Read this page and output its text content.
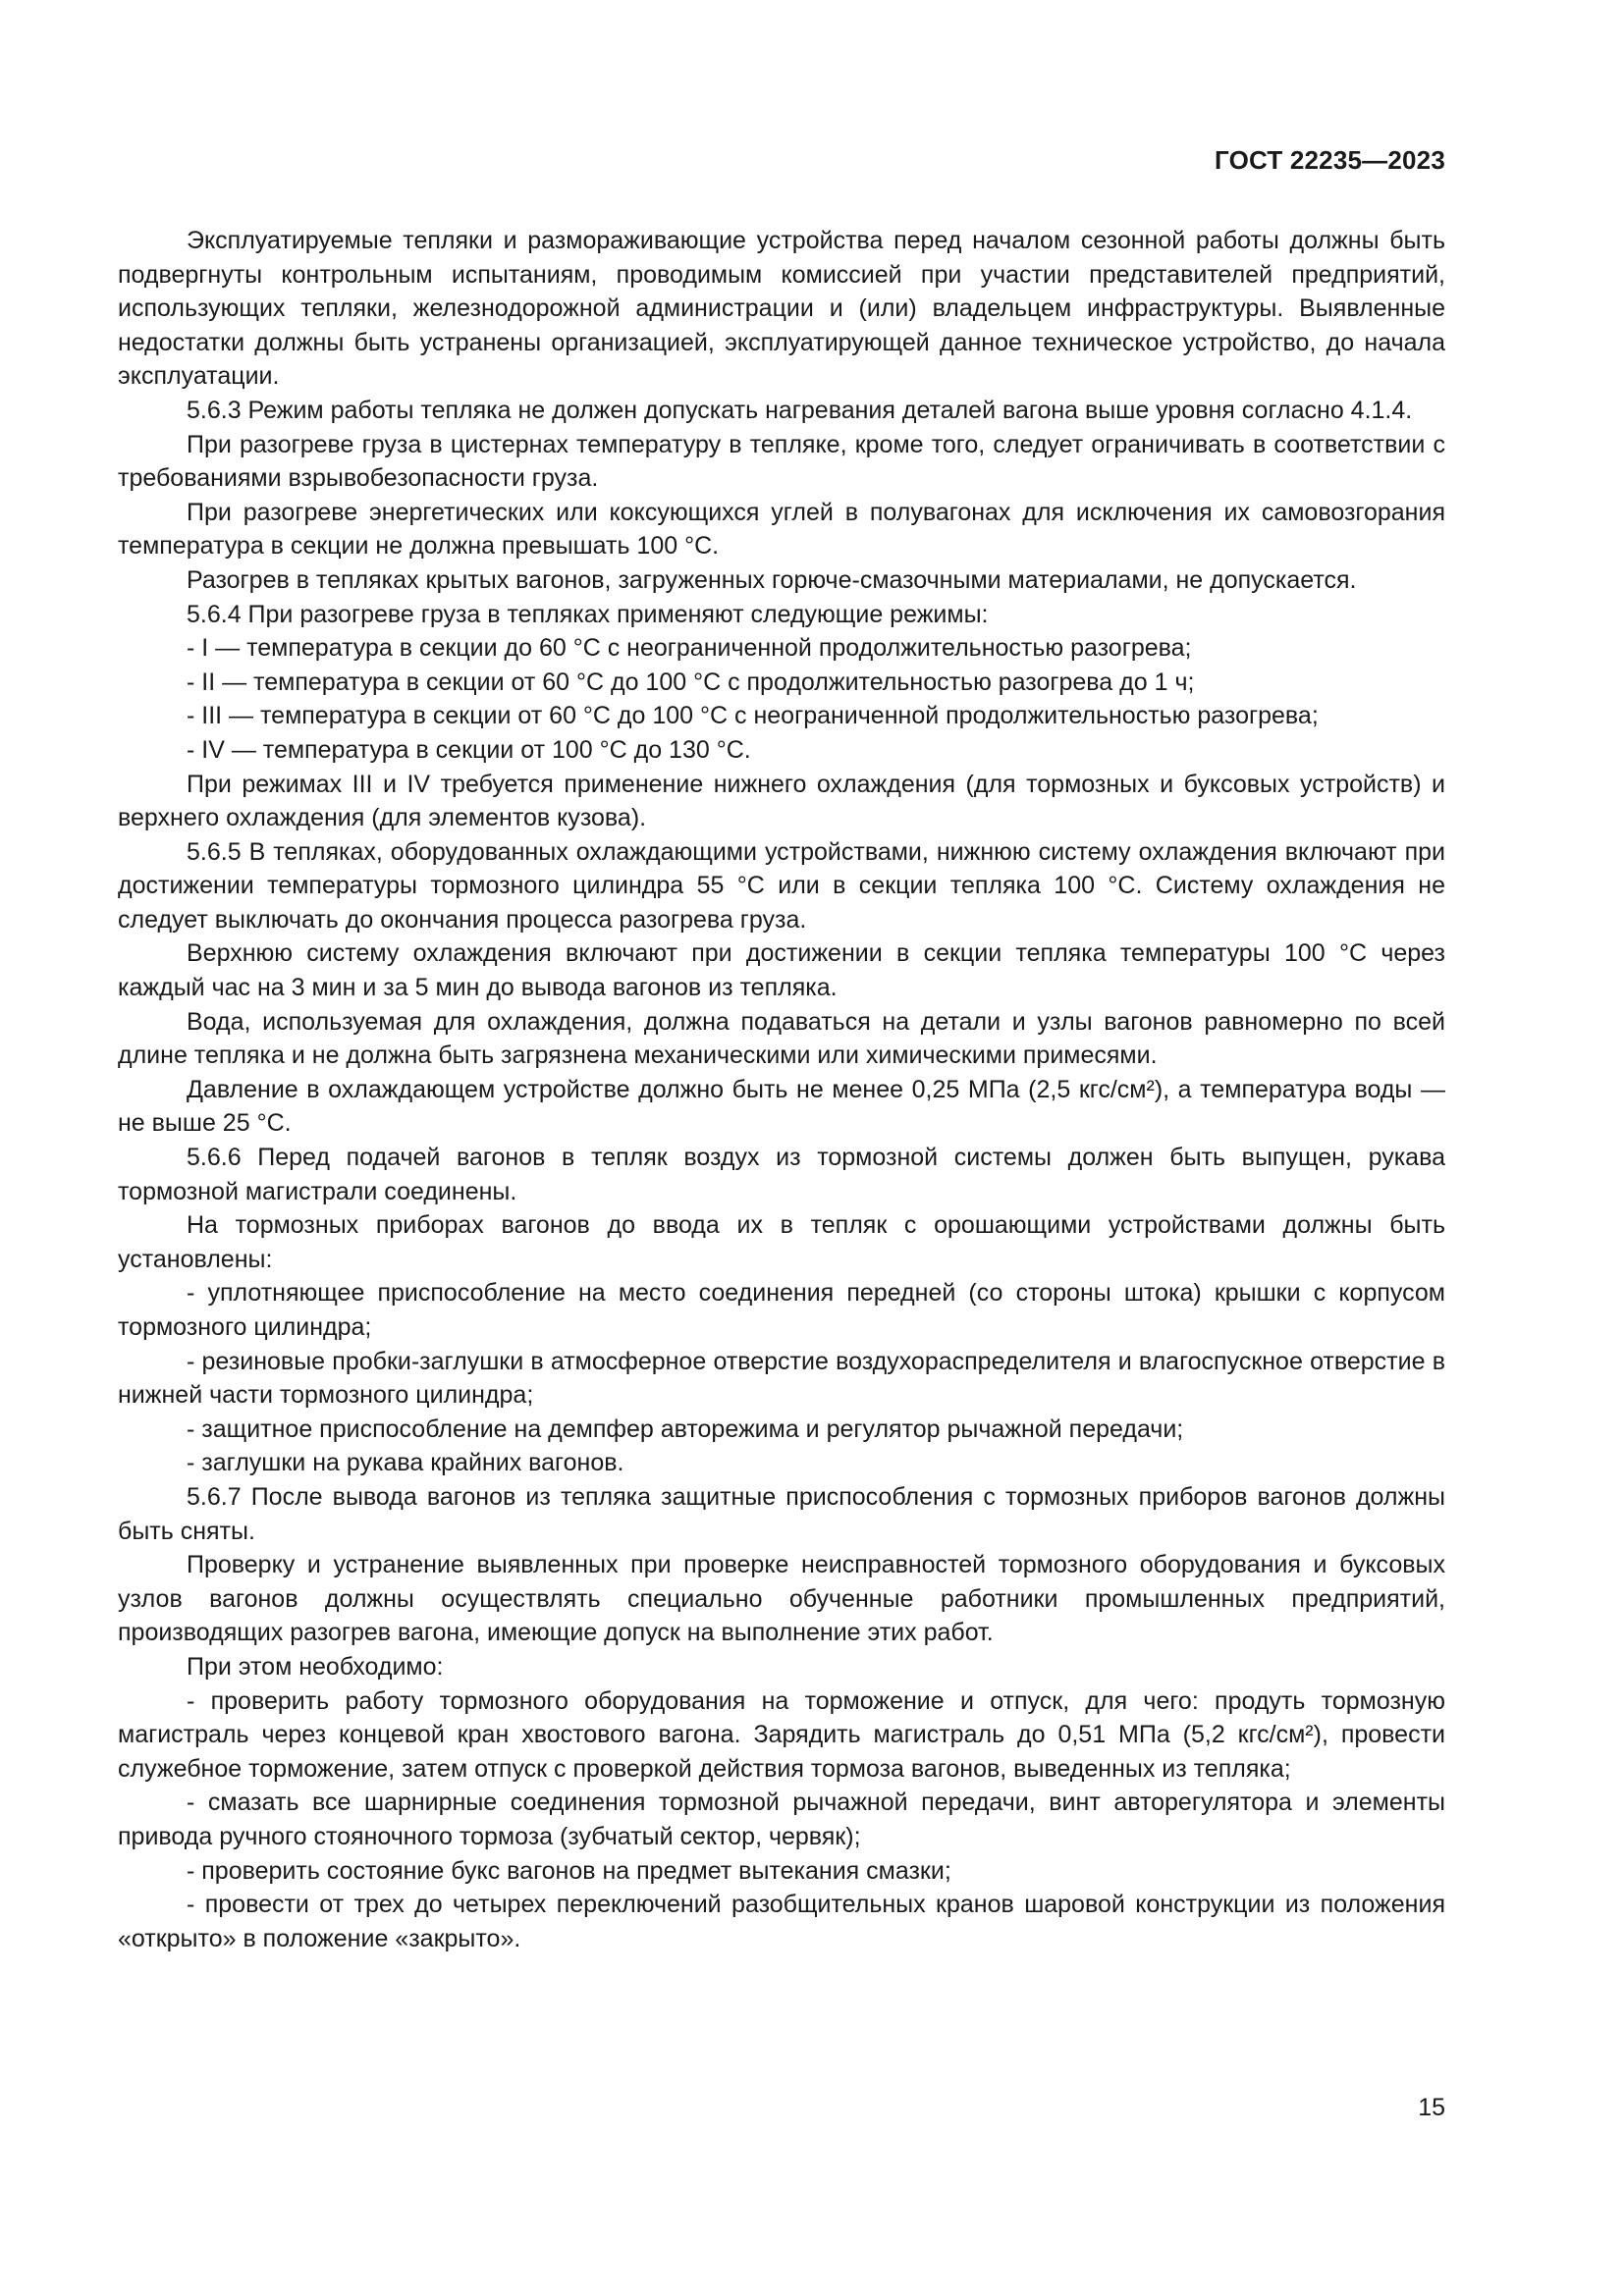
ГОСТ 22235—2023

Эксплуатируемые тепляки и размораживающие устройства перед началом сезонной работы должны быть подвергнуты контрольным испытаниям, проводимым комиссией при участии представителей предприятий, использующих тепляки, железнодорожной администрации и (или) владельцем инфраструктуры. Выявленные недостатки должны быть устранены организацией, эксплуатирующей данное техническое устройство, до начала эксплуатации.

5.6.3 Режим работы тепляка не должен допускать нагревания деталей вагона выше уровня согласно 4.1.4.

При разогреве груза в цистернах температуру в тепляке, кроме того, следует ограничивать в соответствии с требованиями взрывобезопасности груза.

При разогреве энергетических или коксующихся углей в полувагонах для исключения их самовозгорания температура в секции не должна превышать 100 °С.

Разогрев в тепляках крытых вагонов, загруженных горюче-смазочными материалами, не допускается.

5.6.4 При разогреве груза в тепляках применяют следующие режимы:

- I — температура в секции до 60 °С с неограниченной продолжительностью разогрева;

- II — температура в секции от 60 °С до 100 °С с продолжительностью разогрева до 1 ч;

- III — температура в секции от 60 °С до 100 °С с неограниченной продолжительностью разогрева;

- IV — температура в секции от 100 °С до 130 °С.

При режимах III и IV требуется применение нижнего охлаждения (для тормозных и буксовых устройств) и верхнего охлаждения (для элементов кузова).

5.6.5 В тепляках, оборудованных охлаждающими устройствами, нижнюю систему охлаждения включают при достижении температуры тормозного цилиндра 55 °С или в секции тепляка 100 °С. Систему охлаждения не следует выключать до окончания процесса разогрева груза.

Верхнюю систему охлаждения включают при достижении в секции тепляка температуры 100 °С через каждый час на 3 мин и за 5 мин до вывода вагонов из тепляка.

Вода, используемая для охлаждения, должна подаваться на детали и узлы вагонов равномерно по всей длине тепляка и не должна быть загрязнена механическими или химическими примесями.

Давление в охлаждающем устройстве должно быть не менее 0,25 МПа (2,5 кгс/см²), а температура воды — не выше 25 °С.

5.6.6 Перед подачей вагонов в тепляк воздух из тормозной системы должен быть выпущен, рукава тормозной магистрали соединены.

На тормозных приборах вагонов до ввода их в тепляк с орошающими устройствами должны быть установлены:

- уплотняющее приспособление на место соединения передней (со стороны штока) крышки с корпусом тормозного цилиндра;

- резиновые пробки-заглушки в атмосферное отверстие воздухораспределителя и влагоспускное отверстие в нижней части тормозного цилиндра;

- защитное приспособление на демпфер авторежима и регулятор рычажной передачи;

- заглушки на рукава крайних вагонов.

5.6.7 После вывода вагонов из тепляка защитные приспособления с тормозных приборов вагонов должны быть сняты.

Проверку и устранение выявленных при проверке неисправностей тормозного оборудования и буксовых узлов вагонов должны осуществлять специально обученные работники промышленных предприятий, производящих разогрев вагона, имеющие допуск на выполнение этих работ.

При этом необходимо:

- проверить работу тормозного оборудования на торможение и отпуск, для чего: продуть тормозную магистраль через концевой кран хвостового вагона. Зарядить магистраль до 0,51 МПа (5,2 кгс/см²), провести служебное торможение, затем отпуск с проверкой действия тормоза вагонов, выведенных из тепляка;

- смазать все шарнирные соединения тормозной рычажной передачи, винт авторегулятора и элементы привода ручного стояночного тормоза (зубчатый сектор, червяк);

- проверить состояние букс вагонов на предмет вытекания смазки;

- провести от трех до четырех переключений разобщительных кранов шаровой конструкции из положения «открыто» в положение «закрыто».

15
